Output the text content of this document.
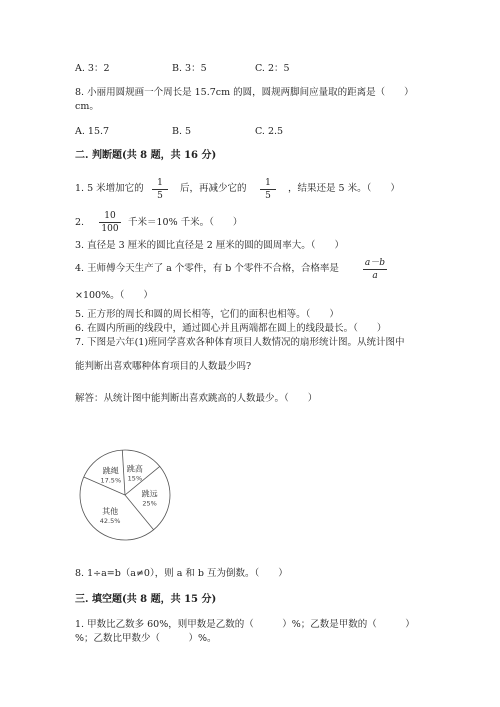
A. 3：2	B. 3：5	C. 2：5
8. 小丽用圆规画一个周长是 15.7cm 的圆，圆规两脚间应量取的距离是（　　）
cm。
A. 15.7	B. 5	C. 2.5
二. 判断题(共 8 题，共 16 分)
1. 5 米增加它的	1
5
后，再减少它的	1
5
，结果还是 5 米。（　　）
2.
10
100
千米＝10% 千米。（　　）
3. 直径是 3 厘米的圆比直径是 2 厘米的圆的圆周率大。（　　）
4. 王师傅今天生产了 a 个零件，有 b 个零件不合格，合格率是	a－b
a
×100%。（　　）
5. 正方形的周长和圆的周长相等，它们的面积也相等。（　　）
6. 在圆内所画的线段中，通过圆心并且两端都在圆上的线段最长。（　　）
7. 下图是六年(1)班同学喜欢各种体育项目人数情况的扇形统计图。从统计图中
能判断出喜欢哪种体育项目的人数最少吗?
解答：从统计图中能判断出喜欢跳高的人数最少。（　　）
跳高
15%
跳远
25%
其他
42.5%
跳绳
17.5%
8. 1÷a=b（a≠0），则 a 和 b 互为倒数。（　　）
三. 填空题(共 8 题，共 15 分)
1. 甲数比乙数多 60%，则甲数是乙数的（　　　）%；乙数是甲数的（　　　）
%；乙数比甲数少（　　　）%。
